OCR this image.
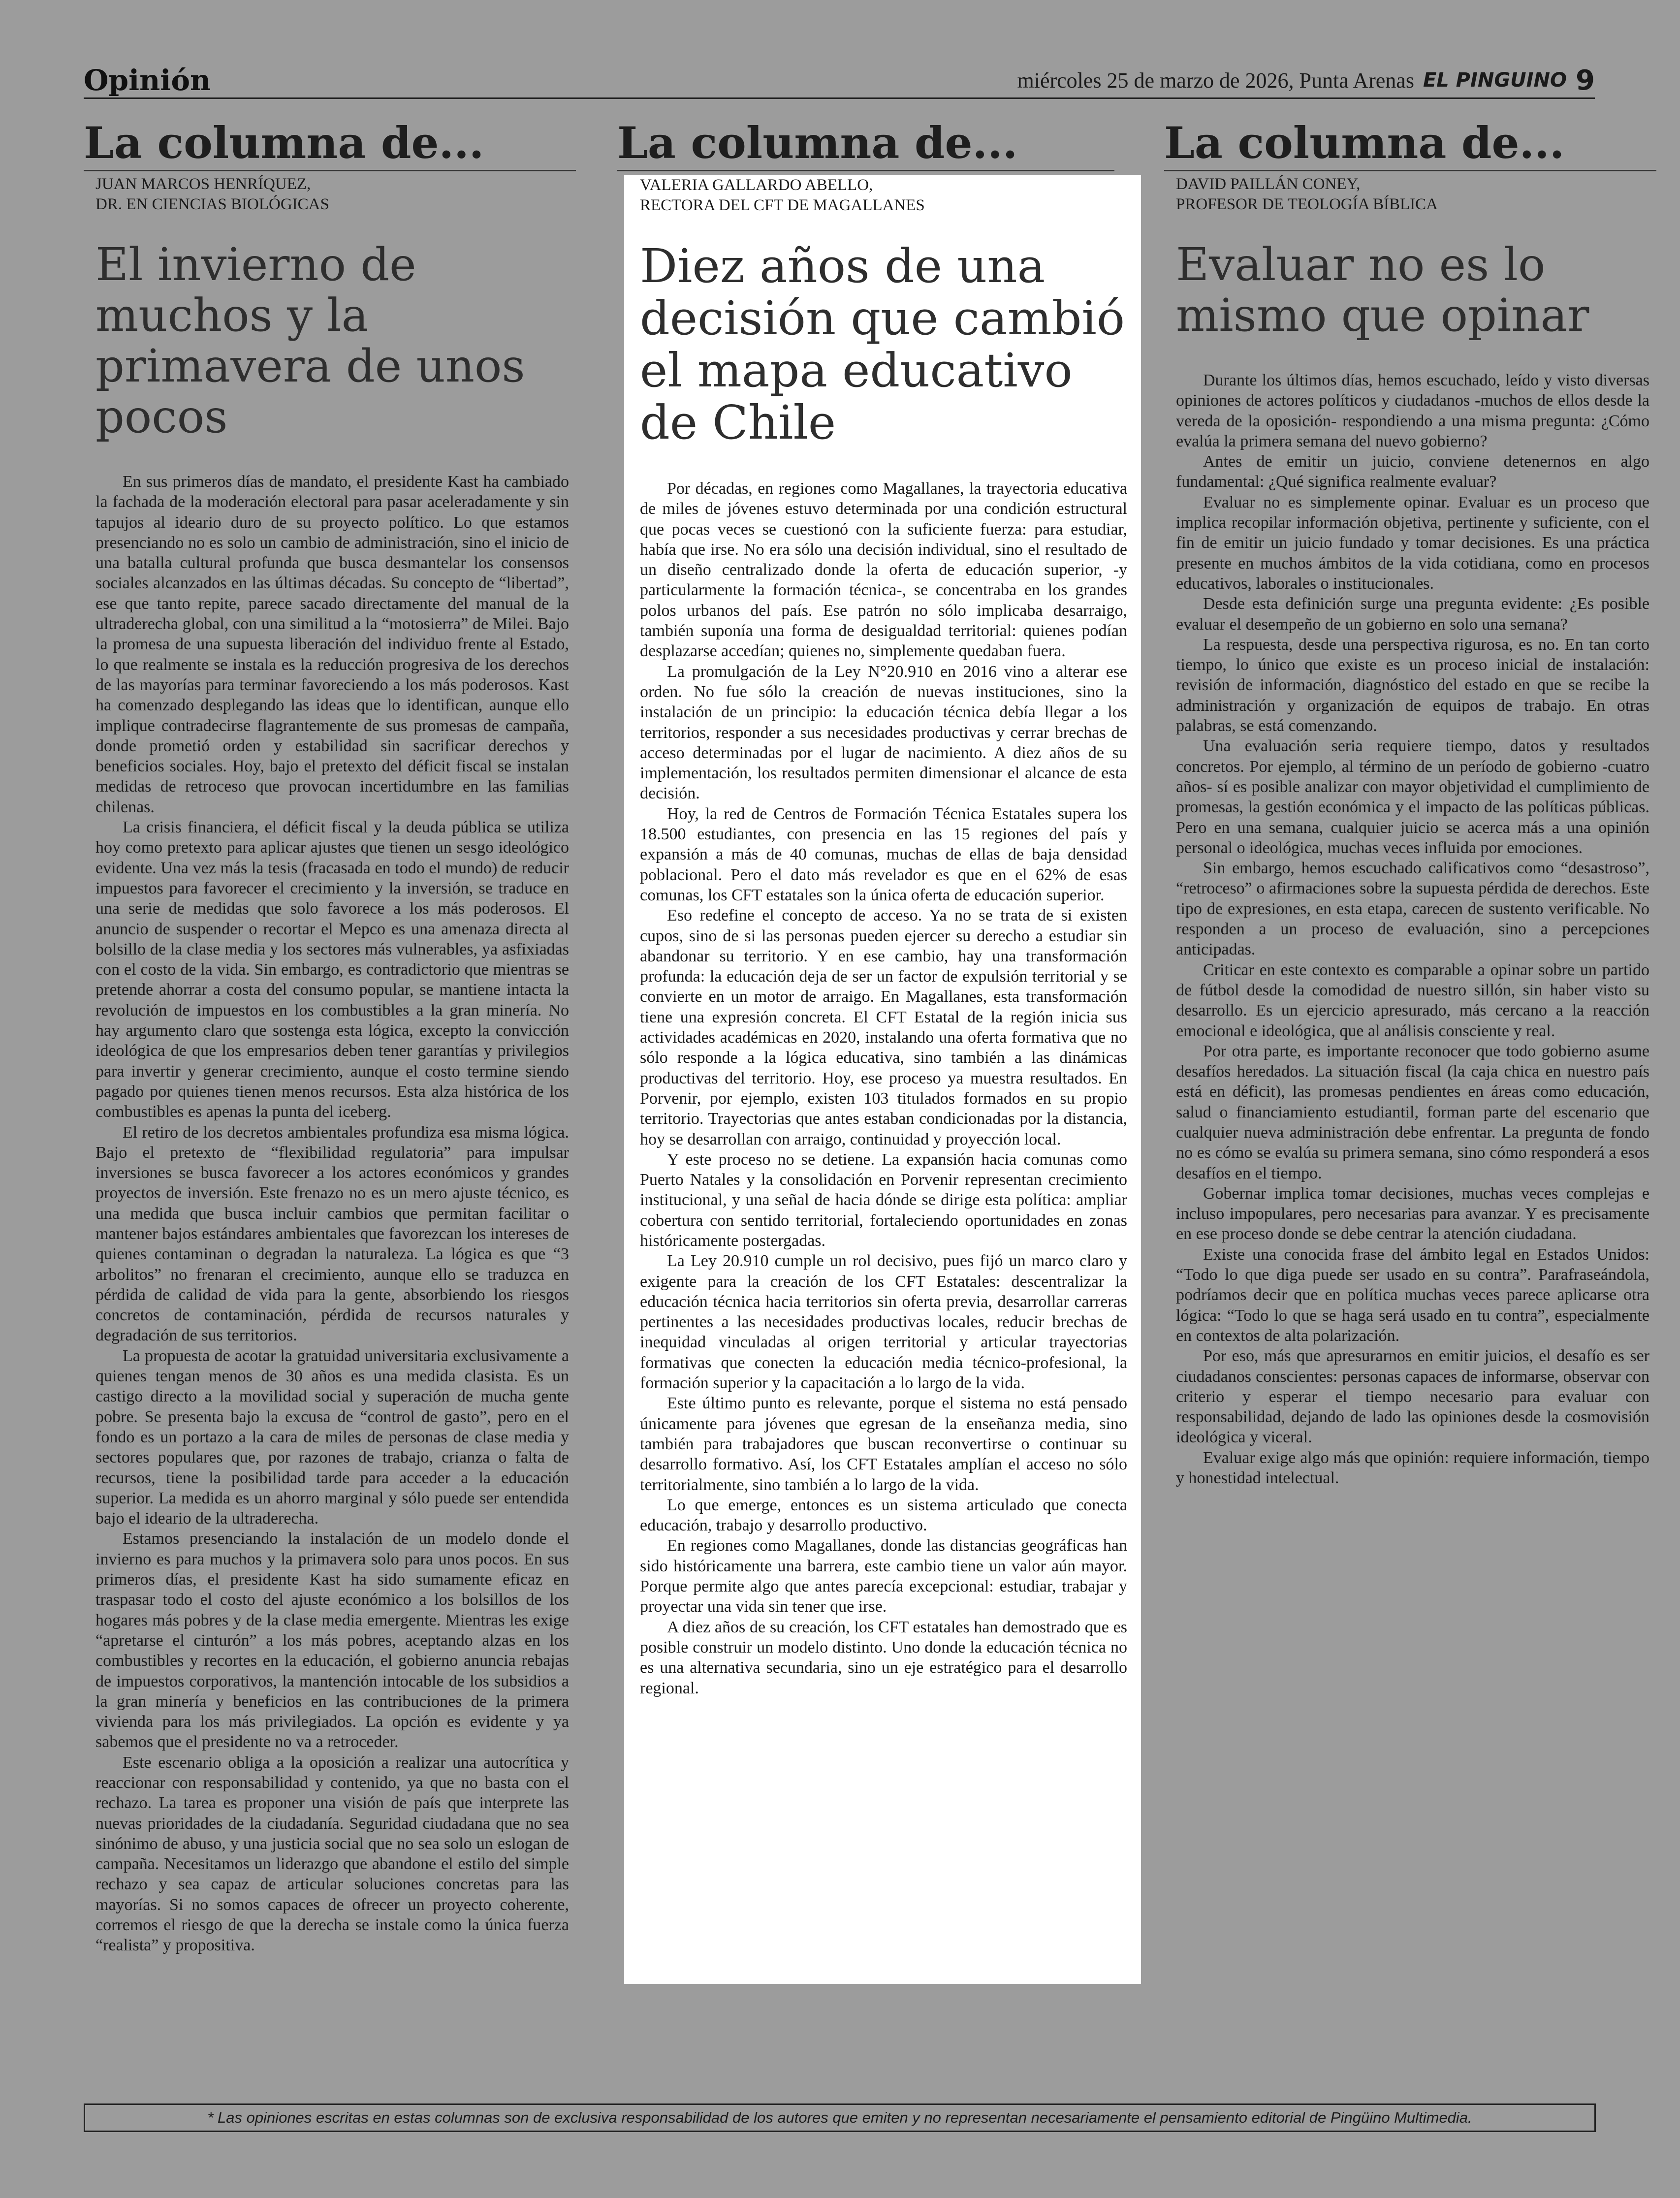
Opinión	miércoles 25 de marzo de 2026, Punta Arenas EL PINGUINO 9
La columna de...
JUAN MARCOS HENRÍQUEZ,
DR. EN CIENCIAS BIOLÓGICAS
El invierno de muchos y la primavera de unos pocos

En sus primeros días de mandato, el presidente Kast ha cambiado la fachada de la moderación electoral para pasar aceleradamente y sin tapujos al ideario duro de su proyecto político. Lo que estamos presenciando no es solo un cambio de administración, sino el inicio de una batalla cultural profunda que busca desmantelar los consensos sociales alcanzados en las últimas décadas. Su concepto de “libertad”, ese que tanto repite, parece sacado directamente del manual de la ultraderecha global, con una similitud a la “motosierra” de Milei. Bajo la promesa de una supuesta liberación del individuo frente al Estado, lo que realmente se instala es la reducción progresiva de los derechos de las mayorías para terminar favoreciendo a los más poderosos. Kast ha comenzado desplegando las ideas que lo identifican, aunque ello implique contradecirse flagrantemente de sus promesas de campaña, donde prometió orden y estabilidad sin sacrificar derechos y beneficios sociales. Hoy, bajo el pretexto del déficit fiscal se instalan medidas de retroceso que provocan incertidumbre en las familias chilenas.

La crisis financiera, el déficit fiscal y la deuda pública se utiliza hoy como pretexto para aplicar ajustes que tienen un sesgo ideológico evidente. Una vez más la tesis (fracasada en todo el mundo) de reducir impuestos para favorecer el crecimiento y la inversión, se traduce en una serie de medidas que solo favorece a los más poderosos. El anuncio de suspender o recortar el Mepco es una amenaza directa al bolsillo de la clase media y los sectores más vulnerables, ya asfixiadas con el costo de la vida. Sin embargo, es contradictorio que mientras se pretende ahorrar a costa del consumo popular, se mantiene intacta la revolución de impuestos en los combustibles a la gran minería. No hay argumento claro que sostenga esta lógica, excepto la convicción ideológica de que los empresarios deben tener garantías y privilegios para invertir y generar crecimiento, aunque el costo termine siendo pagado por quienes tienen menos recursos. Esta alza histórica de los combustibles es apenas la punta del iceberg.

El retiro de los decretos ambientales profundiza esa misma lógica. Bajo el pretexto de “flexibilidad regulatoria” para impulsar inversiones se busca favorecer a los actores económicos y grandes proyectos de inversión. Este frenazo no es un mero ajuste técnico, es una medida que busca incluir cambios que permitan facilitar o mantener bajos estándares ambientales que favorezcan los intereses de quienes contaminan o degradan la naturaleza. La lógica es que “3 arbolitos” no frenaran el crecimiento, aunque ello se traduzca en pérdida de calidad de vida para la gente, absorbiendo los riesgos concretos de contaminación, pérdida de recursos naturales y degradación de sus territorios.

La propuesta de acotar la gratuidad universitaria exclusivamente a quienes tengan menos de 30 años es una medida clasista. Es un castigo directo a la movilidad social y superación de mucha gente pobre. Se presenta bajo la excusa de “control de gasto”, pero en el fondo es un portazo a la cara de miles de personas de clase media y sectores populares que, por razones de trabajo, crianza o falta de recursos, tiene la posibilidad tarde para acceder a la educación superior. La medida es un ahorro marginal y sólo puede ser entendida bajo el ideario de la ultraderecha.

Estamos presenciando la instalación de un modelo donde el invierno es para muchos y la primavera solo para unos pocos. En sus primeros días, el presidente Kast ha sido sumamente eficaz en traspasar todo el costo del ajuste económico a los bolsillos de los hogares más pobres y de la clase media emergente. Mientras les exige “apretarse el cinturón” a los más pobres, aceptando alzas en los combustibles y recortes en la educación, el gobierno anuncia rebajas de impuestos corporativos, la mantención intocable de los subsidios a la gran minería y beneficios en las contribuciones de la primera vivienda para los más privilegiados. La opción es evidente y ya sabemos que el presidente no va a retroceder.

Este escenario obliga a la oposición a realizar una autocrítica y reaccionar con responsabilidad y contenido, ya que no basta con el rechazo. La tarea es proponer una visión de país que interprete las nuevas prioridades de la ciudadanía. Seguridad ciudadana que no sea sinónimo de abuso, y una justicia social que no sea solo un eslogan de campaña. Necesitamos un liderazgo que abandone el estilo del simple rechazo y sea capaz de articular soluciones concretas para las mayorías. Si no somos capaces de ofrecer un proyecto coherente, corremos el riesgo de que la derecha se instale como la única fuerza “realista” y propositiva.

La columna de...
VALERIA GALLARDO ABELLO,
RECTORA DEL CFT DE MAGALLANES
Diez años de una decisión que cambió el mapa educativo de Chile

Por décadas, en regiones como Magallanes, la trayectoria educativa de miles de jóvenes estuvo determinada por una condición estructural que pocas veces se cuestionó con la suficiente fuerza: para estudiar, había que irse. No era sólo una decisión individual, sino el resultado de un diseño centralizado donde la oferta de educación superior, -y particularmente la formación técnica-, se concentraba en los grandes polos urbanos del país. Ese patrón no sólo implicaba desarraigo, también suponía una forma de desigualdad territorial: quienes podían desplazarse accedían; quienes no, simplemente quedaban fuera.

La promulgación de la Ley N°20.910 en 2016 vino a alterar ese orden. No fue sólo la creación de nuevas instituciones, sino la instalación de un principio: la educación técnica debía llegar a los territorios, responder a sus necesidades productivas y cerrar brechas de acceso determinadas por el lugar de nacimiento. A diez años de su implementación, los resultados permiten dimensionar el alcance de esta decisión.

Hoy, la red de Centros de Formación Técnica Estatales supera los 18.500 estudiantes, con presencia en las 15 regiones del país y expansión a más de 40 comunas, muchas de ellas de baja densidad poblacional. Pero el dato más revelador es que en el 62% de esas comunas, los CFT estatales son la única oferta de educación superior.

Eso redefine el concepto de acceso. Ya no se trata de si existen cupos, sino de si las personas pueden ejercer su derecho a estudiar sin abandonar su territorio. Y en ese cambio, hay una transformación profunda: la educación deja de ser un factor de expulsión territorial y se convierte en un motor de arraigo. En Magallanes, esta transformación tiene una expresión concreta. El CFT Estatal de la región inicia sus actividades académicas en 2020, instalando una oferta formativa que no sólo responde a la lógica educativa, sino también a las dinámicas productivas del territorio. Hoy, ese proceso ya muestra resultados. En Porvenir, por ejemplo, existen 103 titulados formados en su propio territorio. Trayectorias que antes estaban condicionadas por la distancia, hoy se desarrollan con arraigo, continuidad y proyección local.

Y este proceso no se detiene. La expansión hacia comunas como Puerto Natales y la consolidación en Porvenir representan crecimiento institucional, y una señal de hacia dónde se dirige esta política: ampliar cobertura con sentido territorial, fortaleciendo oportunidades en zonas históricamente postergadas.

La Ley 20.910 cumple un rol decisivo, pues fijó un marco claro y exigente para la creación de los CFT Estatales: descentralizar la educación técnica hacia territorios sin oferta previa, desarrollar carreras pertinentes a las necesidades productivas locales, reducir brechas de inequidad vinculadas al origen territorial y articular trayectorias formativas que conecten la educación media técnico-profesional, la formación superior y la capacitación a lo largo de la vida.

Este último punto es relevante, porque el sistema no está pensado únicamente para jóvenes que egresan de la enseñanza media, sino también para trabajadores que buscan reconvertirse o continuar su desarrollo formativo. Así, los CFT Estatales amplían el acceso no sólo territorialmente, sino también a lo largo de la vida.

Lo que emerge, entonces es un sistema articulado que conecta educación, trabajo y desarrollo productivo.

En regiones como Magallanes, donde las distancias geográficas han sido históricamente una barrera, este cambio tiene un valor aún mayor. Porque permite algo que antes parecía excepcional: estudiar, trabajar y proyectar una vida sin tener que irse.

A diez años de su creación, los CFT estatales han demostrado que es posible construir un modelo distinto. Uno donde la educación técnica no es una alternativa secundaria, sino un eje estratégico para el desarrollo regional.

La columna de...
DAVID PAILLÁN CONEY,
PROFESOR DE TEOLOGÍA BÍBLICA
Evaluar no es lo mismo que opinar

Durante los últimos días, hemos escuchado, leído y visto diversas opiniones de actores políticos y ciudadanos -muchos de ellos desde la vereda de la oposición- respondiendo a una misma pregunta: ¿Cómo evalúa la primera semana del nuevo gobierno?

Antes de emitir un juicio, conviene detenernos en algo fundamental: ¿Qué significa realmente evaluar?

Evaluar no es simplemente opinar. Evaluar es un proceso que implica recopilar información objetiva, pertinente y suficiente, con el fin de emitir un juicio fundado y tomar decisiones. Es una práctica presente en muchos ámbitos de la vida cotidiana, como en procesos educativos, laborales o institucionales.

Desde esta definición surge una pregunta evidente: ¿Es posible evaluar el desempeño de un gobierno en solo una semana?

La respuesta, desde una perspectiva rigurosa, es no. En tan corto tiempo, lo único que existe es un proceso inicial de instalación: revisión de información, diagnóstico del estado en que se recibe la administración y organización de equipos de trabajo. En otras palabras, se está comenzando.

Una evaluación seria requiere tiempo, datos y resultados concretos. Por ejemplo, al término de un período de gobierno -cuatro años- sí es posible analizar con mayor objetividad el cumplimiento de promesas, la gestión económica y el impacto de las políticas públicas. Pero en una semana, cualquier juicio se acerca más a una opinión personal o ideológica, muchas veces influida por emociones.

Sin embargo, hemos escuchado calificativos como “desastroso”, “retroceso” o afirmaciones sobre la supuesta pérdida de derechos. Este tipo de expresiones, en esta etapa, carecen de sustento verificable. No responden a un proceso de evaluación, sino a percepciones anticipadas.

Criticar en este contexto es comparable a opinar sobre un partido de fútbol desde la comodidad de nuestro sillón, sin haber visto su desarrollo. Es un ejercicio apresurado, más cercano a la reacción emocional e ideológica, que al análisis consciente y real.

Por otra parte, es importante reconocer que todo gobierno asume desafíos heredados. La situación fiscal (la caja chica en nuestro país está en déficit), las promesas pendientes en áreas como educación, salud o financiamiento estudiantil, forman parte del escenario que cualquier nueva administración debe enfrentar. La pregunta de fondo no es cómo se evalúa su primera semana, sino cómo responderá a esos desafíos en el tiempo.

Gobernar implica tomar decisiones, muchas veces complejas e incluso impopulares, pero necesarias para avanzar. Y es precisamente en ese proceso donde se debe centrar la atención ciudadana.

Existe una conocida frase del ámbito legal en Estados Unidos: “Todo lo que diga puede ser usado en su contra”. Parafraseándola, podríamos decir que en política muchas veces parece aplicarse otra lógica: “Todo lo que se haga será usado en tu contra”, especialmente en contextos de alta polarización.

Por eso, más que apresurarnos en emitir juicios, el desafío es ser ciudadanos conscientes: personas capaces de informarse, observar con criterio y esperar el tiempo necesario para evaluar con responsabilidad, dejando de lado las opiniones desde la cosmovisión ideológica y viceral.

Evaluar exige algo más que opinión: requiere información, tiempo y honestidad intelectual.

* Las opiniones escritas en estas columnas son de exclusiva responsabilidad de los autores que emiten y no representan necesariamente el pensamiento editorial de Pingüino Multimedia.
